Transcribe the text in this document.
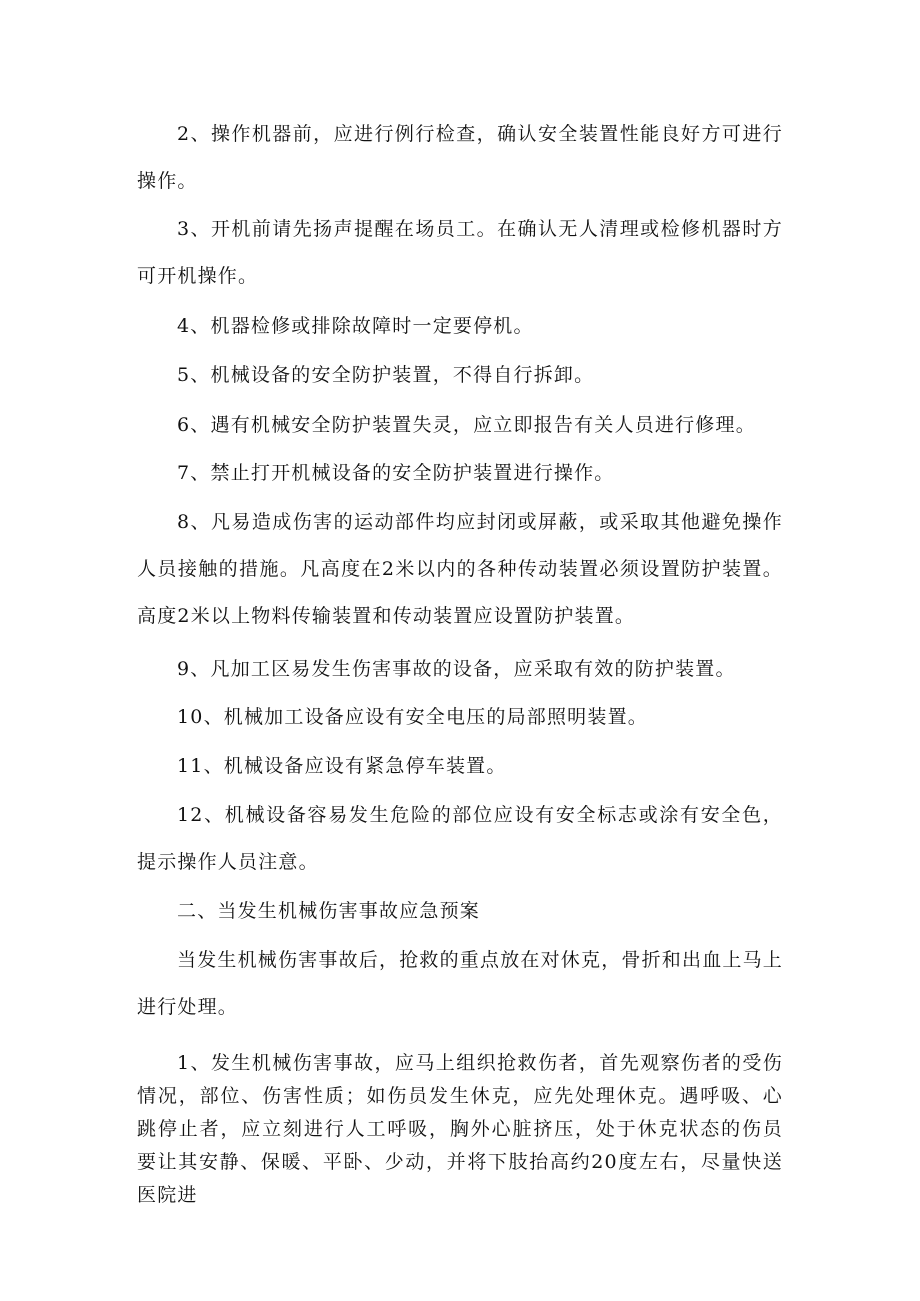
2、操作机器前，应进行例行检查，确认安全装置性能良好方可进行操作。

3、开机前请先扬声提醒在场员工。在确认无人清理或检修机器时方可开机操作。

4、机器检修或排除故障时一定要停机。

5、机械设备的安全防护装置，不得自行拆卸。

6、遇有机械安全防护装置失灵，应立即报告有关人员进行修理。

7、禁止打开机械设备的安全防护装置进行操作。

8、凡易造成伤害的运动部件均应封闭或屏蔽，或采取其他避免操作人员接触的措施。凡高度在2米以内的各种传动装置必须设置防护装置。高度2米以上物料传输装置和传动装置应设置防护装置。

9、凡加工区易发生伤害事故的设备，应采取有效的防护装置。

10、机械加工设备应设有安全电压的局部照明装置。

11、机械设备应设有紧急停车装置。

12、机械设备容易发生危险的部位应设有安全标志或涂有安全色，提示操作人员注意。

二、当发生机械伤害事故应急预案

当发生机械伤害事故后，抢救的重点放在对休克，骨折和出血上马上进行处理。

1、发生机械伤害事故，应马上组织抢救伤者，首先观察伤者的受伤情况，部位、伤害性质；如伤员发生休克，应先处理休克。遇呼吸、心跳停止者，应立刻进行人工呼吸，胸外心脏挤压，处于休克状态的伤员要让其安静、保暖、平卧、少动，并将下肢抬高约20度左右，尽量快送医院进
